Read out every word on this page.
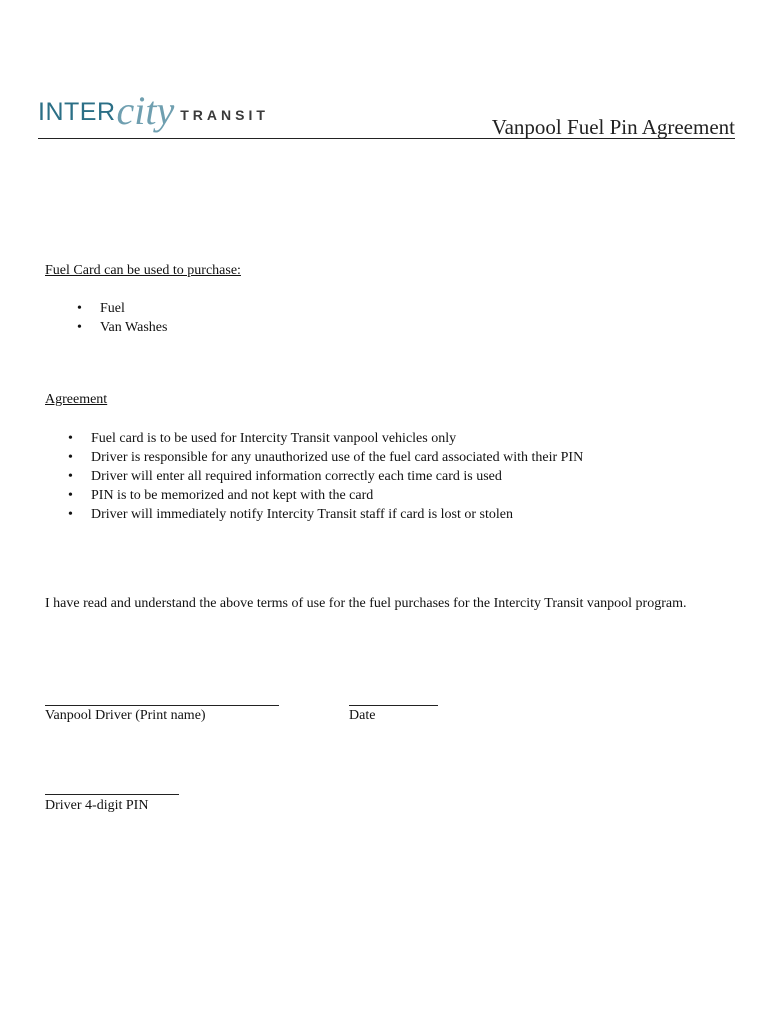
INTER city TRANSIT	Vanpool Fuel Pin Agreement
Fuel Card can be used to purchase:
• Fuel
• Van Washes
Agreement
• Fuel card is to be used for Intercity Transit vanpool vehicles only
• Driver is responsible for any unauthorized use of the fuel card associated with their PIN
• Driver will enter all required information correctly each time card is used
• PIN is to be memorized and not kept with the card
• Driver will immediately notify Intercity Transit staff if card is lost or stolen
I have read and understand the above terms of use for the fuel purchases for the Intercity Transit vanpool program.
Vanpool Driver (Print name)	Date
Driver 4-digit PIN
